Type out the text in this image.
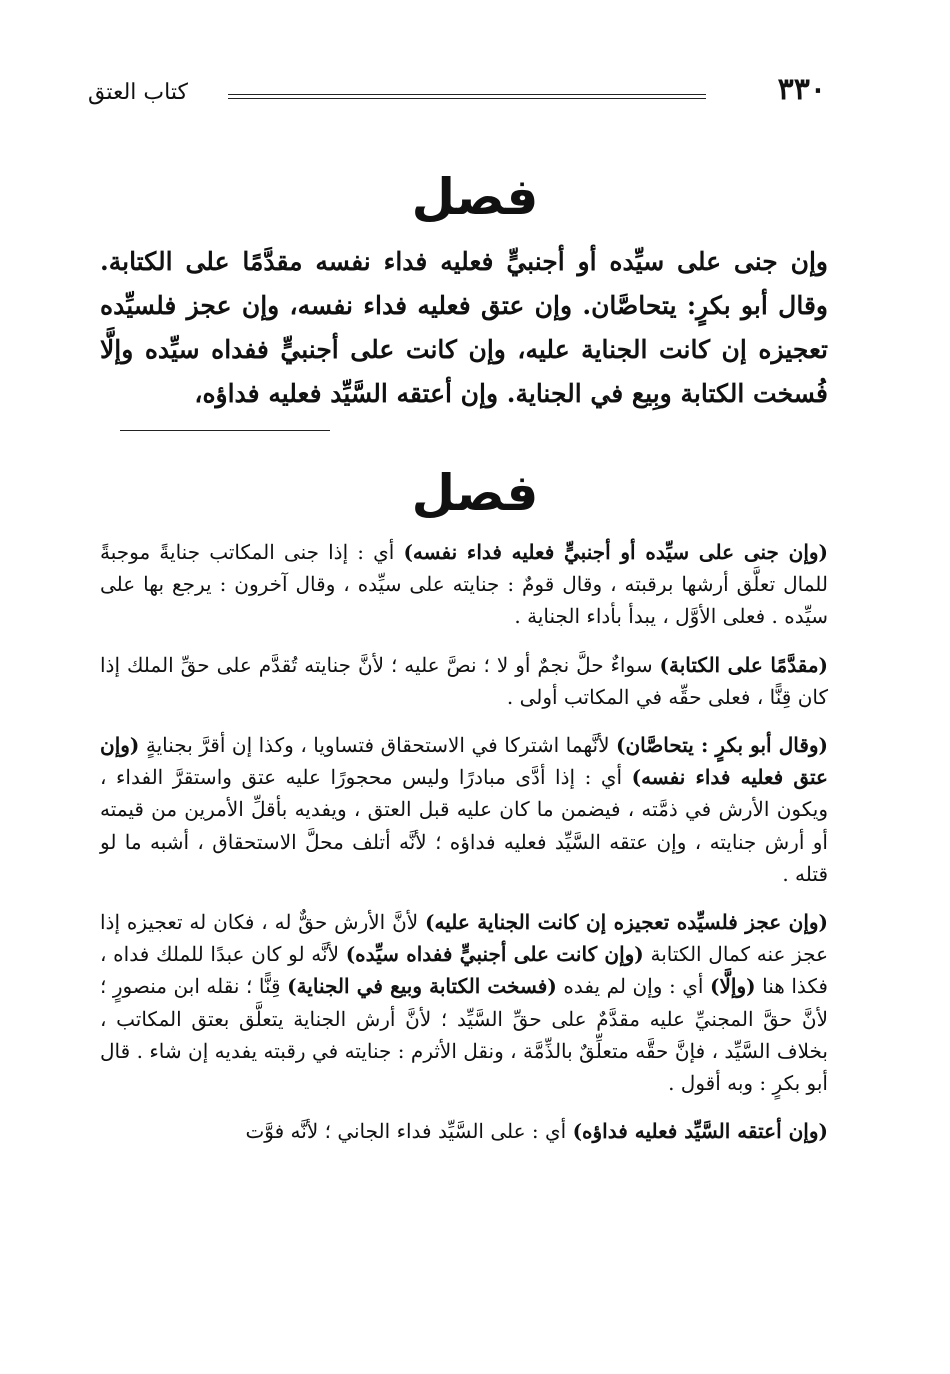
كتاب العتق	٣٣٠
فصل
وإن جنى على سيِّده أو أجنبيٍّ فعليه فداء نفسه مقدَّمًا على الكتابة. وقال أبو بكرٍ: يتحاصَّان. وإن عتق فعليه فداء نفسه، وإن عجز فلسيِّده تعجيزه إن كانت الجناية عليه، وإن كانت على أجنبيٍّ ففداه سيِّده وإلَّا فُسخت الكتابة وبِيع في الجناية. وإن أعتقه السَّيِّد فعليه فداؤه،
فصل

(وإن جنى على سيِّده أو أجنبيٍّ فعليه فداء نفسه) أي : إذا جنى المكاتب جنايةً موجبةً للمال تعلَّق أرشها برقبته ، وقال قومٌ : جنايته على سيِّده ، وقال آخرون : يرجع بها على سيِّده . فعلى الأوَّل ، يبدأ بأداء الجناية .

(مقدَّمًا على الكتابة) سواءٌ حلَّ نجمٌ أو لا ؛ نصَّ عليه ؛ لأنَّ جنايته تُقدَّم على حقِّ الملك إذا كان قِنًّا ، فعلى حقِّه في المكاتب أولى .

(وقال أبو بكرٍ : يتحاصَّان) لأنَّهما اشتركا في الاستحقاق فتساويا ، وكذا إن أقرَّ بجنايةٍ (وإن عتق فعليه فداء نفسه) أي : إذا أدَّى مبادرًا وليس محجورًا عليه عتق واستقرَّ الفداء ، ويكون الأرش في ذمَّته ، فيضمن ما كان عليه قبل العتق ، ويفديه بأقلِّ الأمرين من قيمته أو أرش جنايته ، وإن عتقه السَّيِّد فعليه فداؤه ؛ لأنَّه أتلف محلَّ الاستحقاق ، أشبه ما لو قتله .

(وإن عجز فلسيِّده تعجيزه إن كانت الجناية عليه) لأنَّ الأرش حقٌّ له ، فكان له تعجيزه إذا عجز عنه كمال الكتابة (وإن كانت على أجنبيٍّ ففداه سيِّده) لأنَّه لو كان عبدًا للملك فداه ، فكذا هنا (وإلَّا) أي : وإن لم يفده (فسخت الكتابة وبيع في الجناية) قِنًّا ؛ نقله ابن منصورٍ ؛ لأنَّ حقَّ المجنيِّ عليه مقدَّمٌ على حقِّ السَّيِّد ؛ لأنَّ أرش الجناية يتعلَّق بعتق المكاتب ، بخلاف السَّيِّد ، فإنَّ حقَّه متعلِّقٌ بالذِّمَّة ، ونقل الأثرم : جنايته في رقبته يفديه إن شاء . قال أبو بكرٍ : وبه أقول .

(وإن أعتقه السَّيِّد فعليه فداؤه) أي : على السَّيِّد فداء الجاني ؛ لأنَّه فوَّت
